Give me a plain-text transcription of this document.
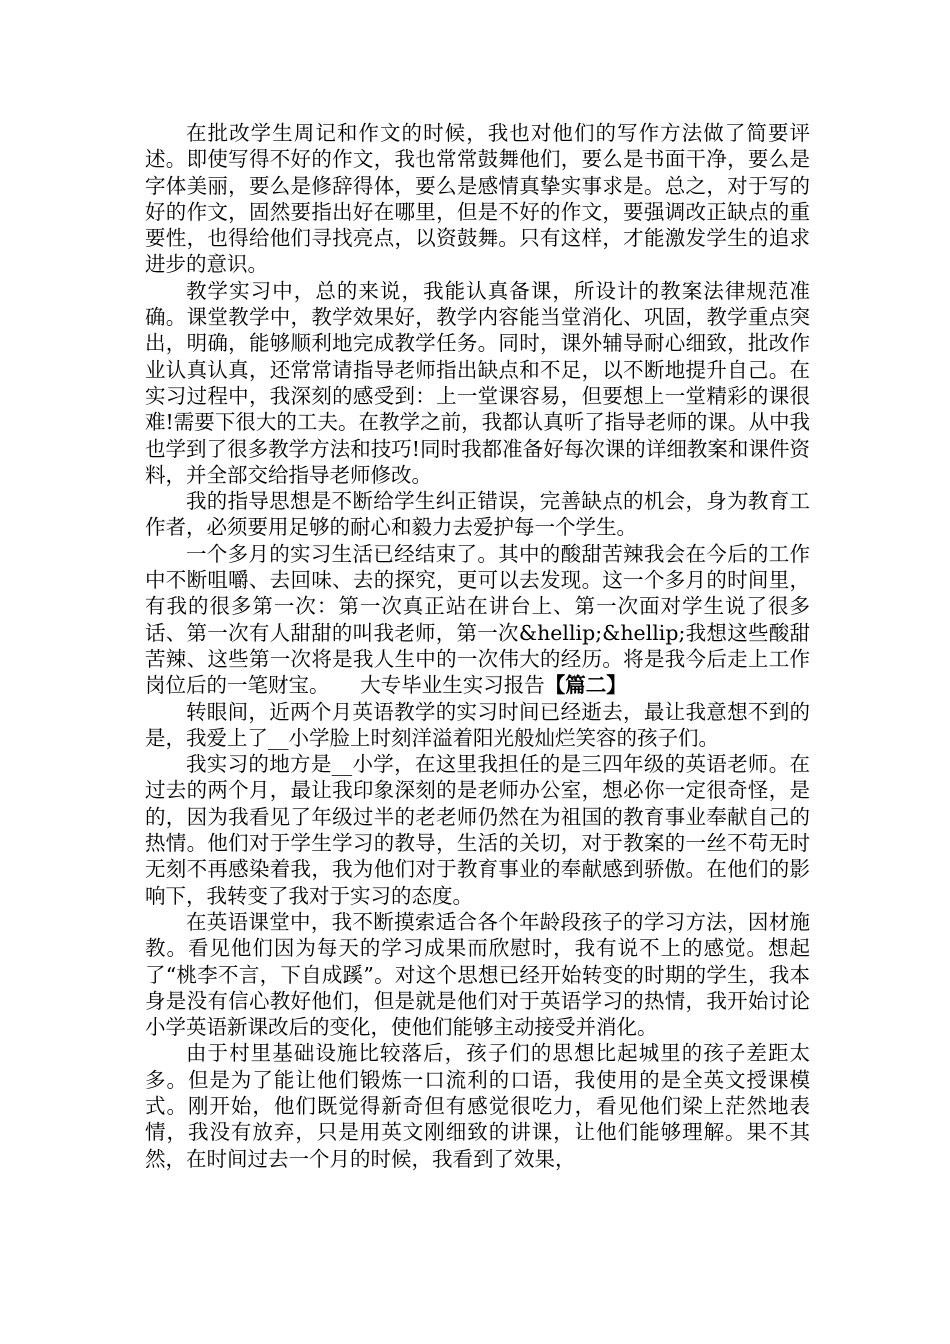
在批改学生周记和作文的时候，我也对他们的写作方法做了简要评述。即使写得不好的作文，我也常常鼓舞他们，要么是书面干净，要么是字体美丽，要么是修辞得体，要么是感情真挚实事求是。总之，对于写的好的作文，固然要指出好在哪里，但是不好的作文，要强调改正缺点的重要性，也得给他们寻找亮点，以资鼓舞。只有这样，才能激发学生的追求进步的意识。

教学实习中，总的来说，我能认真备课，所设计的教案法律规范准确。课堂教学中，教学效果好，教学内容能当堂消化、巩固，教学重点突出，明确，能够顺利地完成教学任务。同时，课外辅导耐心细致，批改作业认真认真，还常常请指导老师指出缺点和不足，以不断地提升自己。在实习过程中，我深刻的感受到：上一堂课容易，但要想上一堂精彩的课很难!需要下很大的工夫。在教学之前，我都认真听了指导老师的课。从中我也学到了很多教学方法和技巧!同时我都准备好每次课的详细教案和课件资料，并全部交给指导老师修改。

我的指导思想是不断给学生纠正错误，完善缺点的机会，身为教育工作者，必须要用足够的耐心和毅力去爱护每一个学生。

一个多月的实习生活已经结束了。其中的酸甜苦辣我会在今后的工作中不断咀嚼、去回味、去的探究，更可以去发现。这一个多月的时间里，有我的很多第一次：第一次真正站在讲台上、第一次面对学生说了很多话、第一次有人甜甜的叫我老师，第一次&hellip;&hellip;我想这些酸甜苦辣、这些第一次将是我人生中的一次伟大的经历。将是我今后走上工作岗位后的一笔财宝。　　大专毕业生实习报告【篇二】

转眼间，近两个月英语教学的实习时间已经逝去，最让我意想不到的是，我爱上了__小学脸上时刻洋溢着阳光般灿烂笑容的孩子们。

我实习的地方是__小学，在这里我担任的是三四年级的英语老师。在过去的两个月，最让我印象深刻的是老师办公室，想必你一定很奇怪，是的，因为我看见了年级过半的老老师仍然在为祖国的教育事业奉献自己的热情。他们对于学生学习的教导，生活的关切，对于教案的一丝不苟无时无刻不再感染着我，我为他们对于教育事业的奉献感到骄傲。在他们的影响下，我转变了我对于实习的态度。

在英语课堂中，我不断摸索适合各个年龄段孩子的学习方法，因材施教。看见他们因为每天的学习成果而欣慰时，我有说不上的感觉。想起了“桃李不言，下自成蹊”。对这个思想已经开始转变的时期的学生，我本身是没有信心教好他们，但是就是他们对于英语学习的热情，我开始讨论小学英语新课改后的变化，使他们能够主动接受并消化。

由于村里基础设施比较落后，孩子们的思想比起城里的孩子差距太多。但是为了能让他们锻炼一口流利的口语，我使用的是全英文授课模式。刚开始，他们既觉得新奇但有感觉很吃力，看见他们梁上茫然地表情，我没有放弃，只是用英文刚细致的讲课，让他们能够理解。果不其然，在时间过去一个月的时候，我看到了效果，
